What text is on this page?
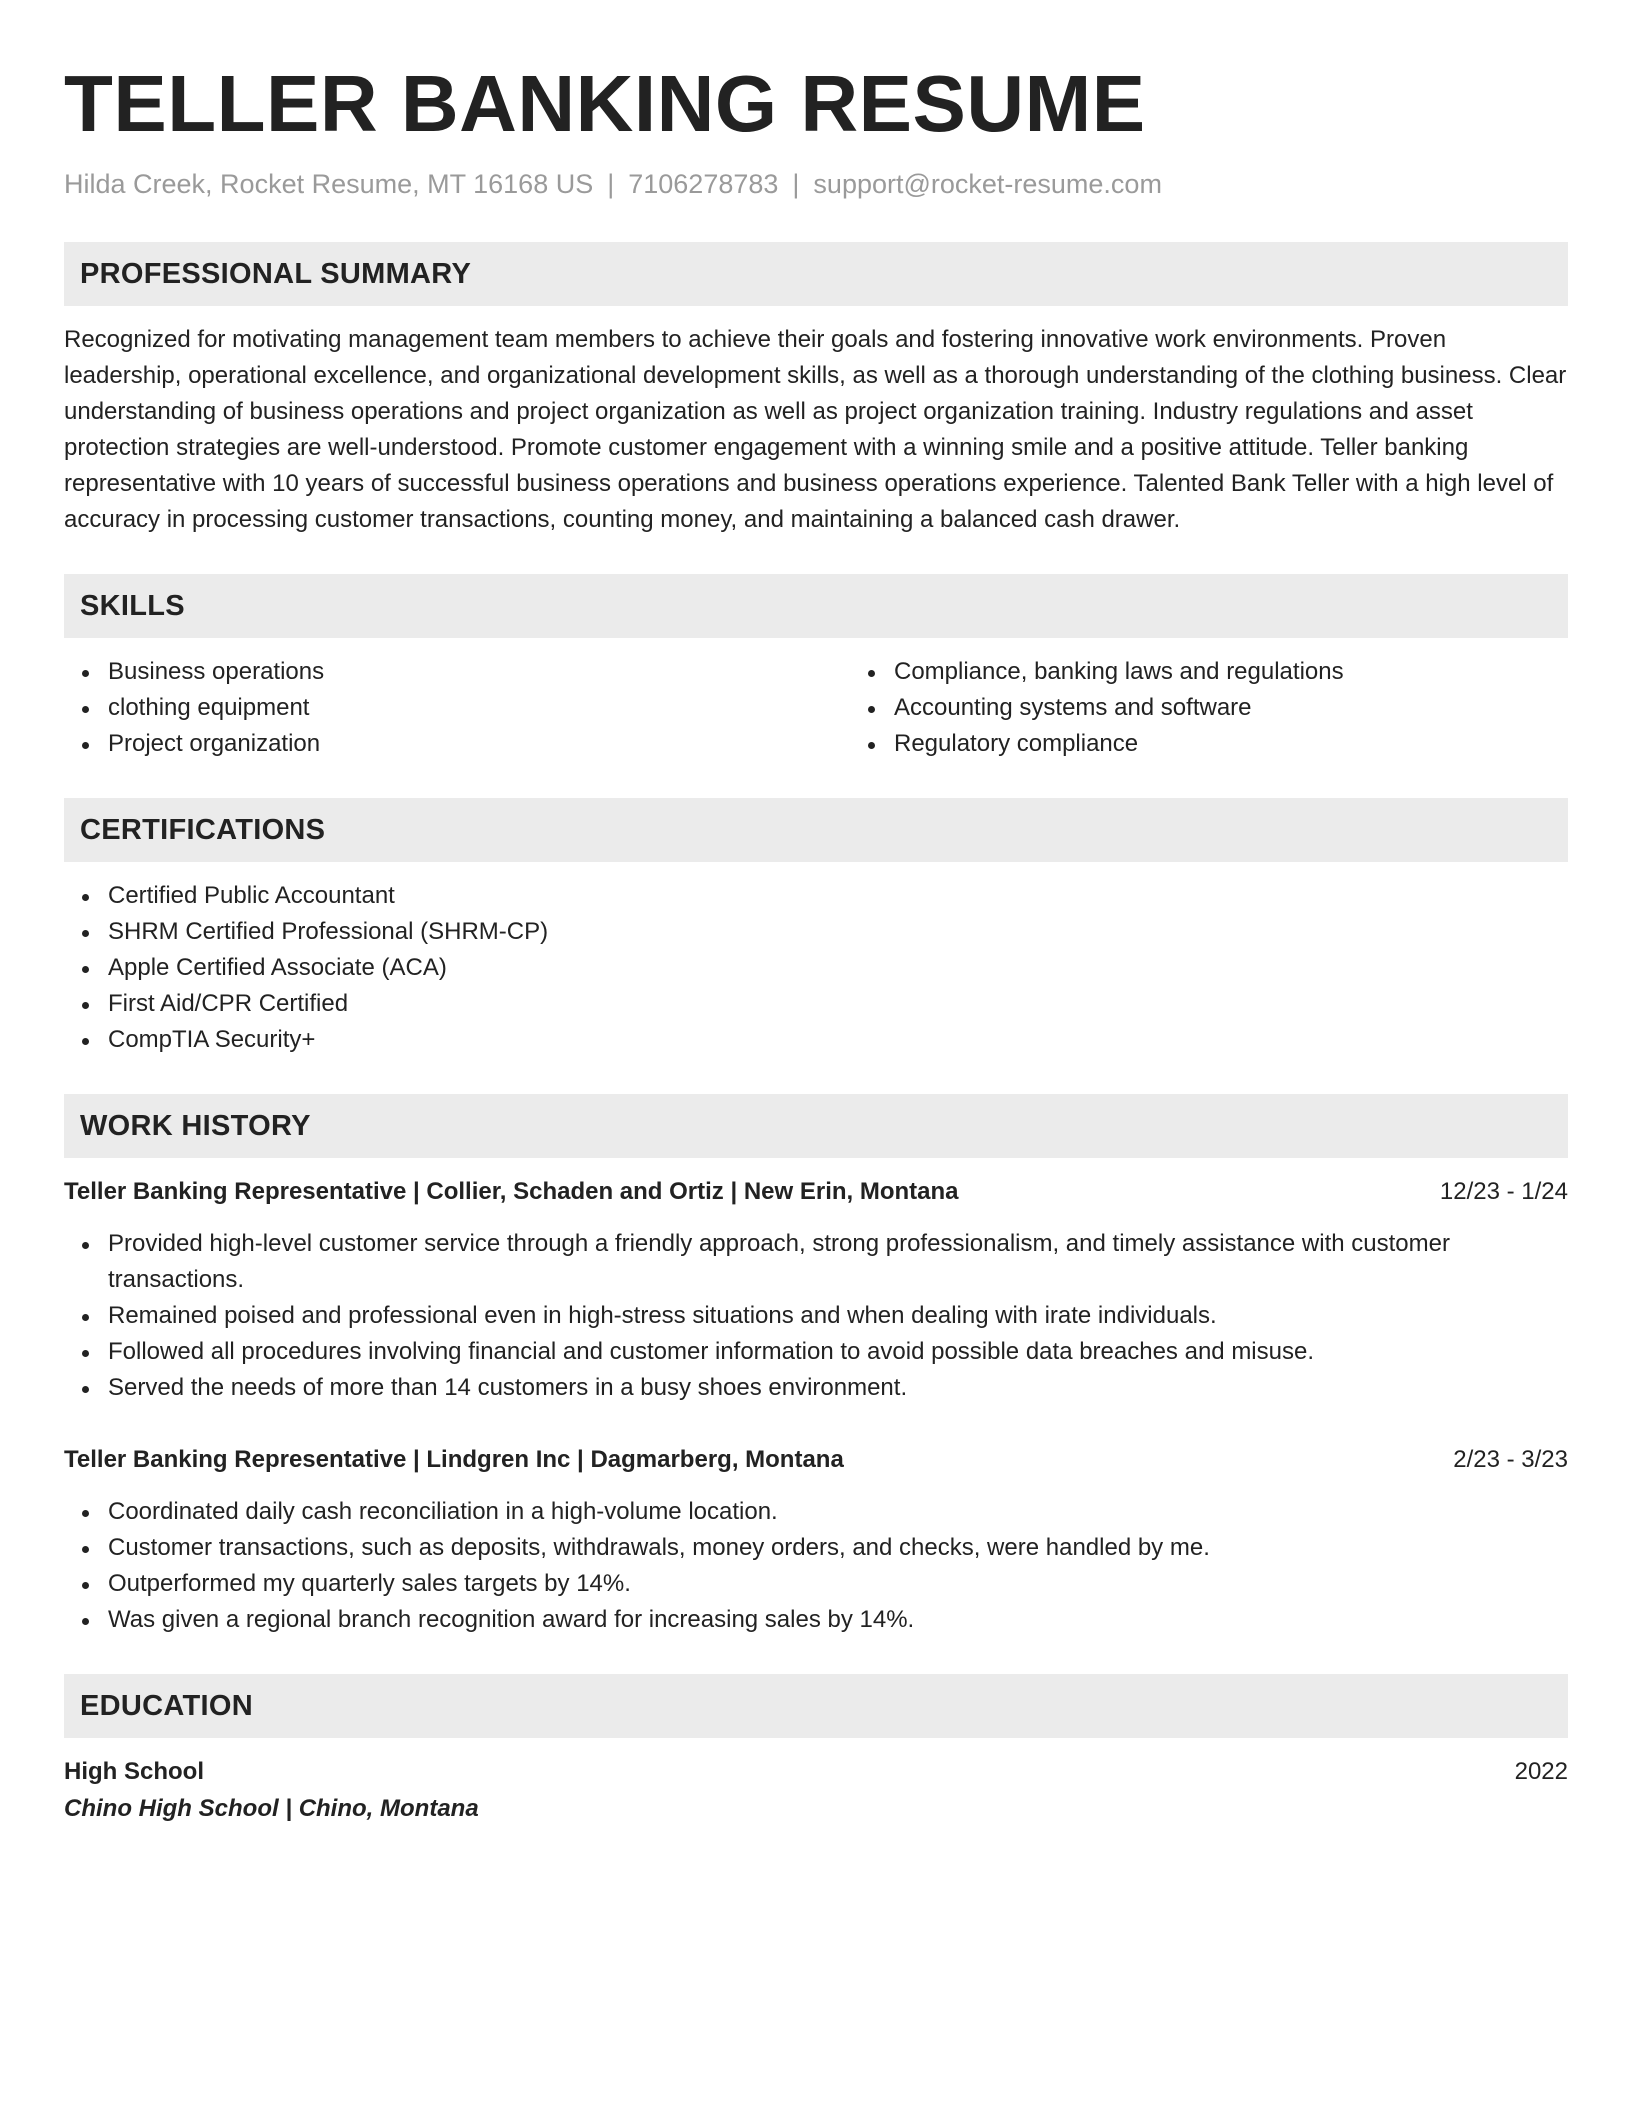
TELLER BANKING RESUME
Hilda Creek, Rocket Resume, MT 16168 US | 7106278783 | support@rocket-resume.com
PROFESSIONAL SUMMARY
Recognized for motivating management team members to achieve their goals and fostering innovative work environments. Proven leadership, operational excellence, and organizational development skills, as well as a thorough understanding of the clothing business. Clear understanding of business operations and project organization as well as project organization training. Industry regulations and asset protection strategies are well-understood. Promote customer engagement with a winning smile and a positive attitude. Teller banking representative with 10 years of successful business operations and business operations experience. Talented Bank Teller with a high level of accuracy in processing customer transactions, counting money, and maintaining a balanced cash drawer.
SKILLS
Business operations
clothing equipment
Project organization
Compliance, banking laws and regulations
Accounting systems and software
Regulatory compliance
CERTIFICATIONS
Certified Public Accountant
SHRM Certified Professional (SHRM-CP)
Apple Certified Associate (ACA)
First Aid/CPR Certified
CompTIA Security+
WORK HISTORY
Teller Banking Representative | Collier, Schaden and Ortiz | New Erin, Montana	12/23 - 1/24
Provided high-level customer service through a friendly approach, strong professionalism, and timely assistance with customer transactions.
Remained poised and professional even in high-stress situations and when dealing with irate individuals.
Followed all procedures involving financial and customer information to avoid possible data breaches and misuse.
Served the needs of more than 14 customers in a busy shoes environment.
Teller Banking Representative | Lindgren Inc | Dagmarberg, Montana	2/23 - 3/23
Coordinated daily cash reconciliation in a high-volume location.
Customer transactions, such as deposits, withdrawals, money orders, and checks, were handled by me.
Outperformed my quarterly sales targets by 14%.
Was given a regional branch recognition award for increasing sales by 14%.
EDUCATION
High School	2022
Chino High School | Chino, Montana
